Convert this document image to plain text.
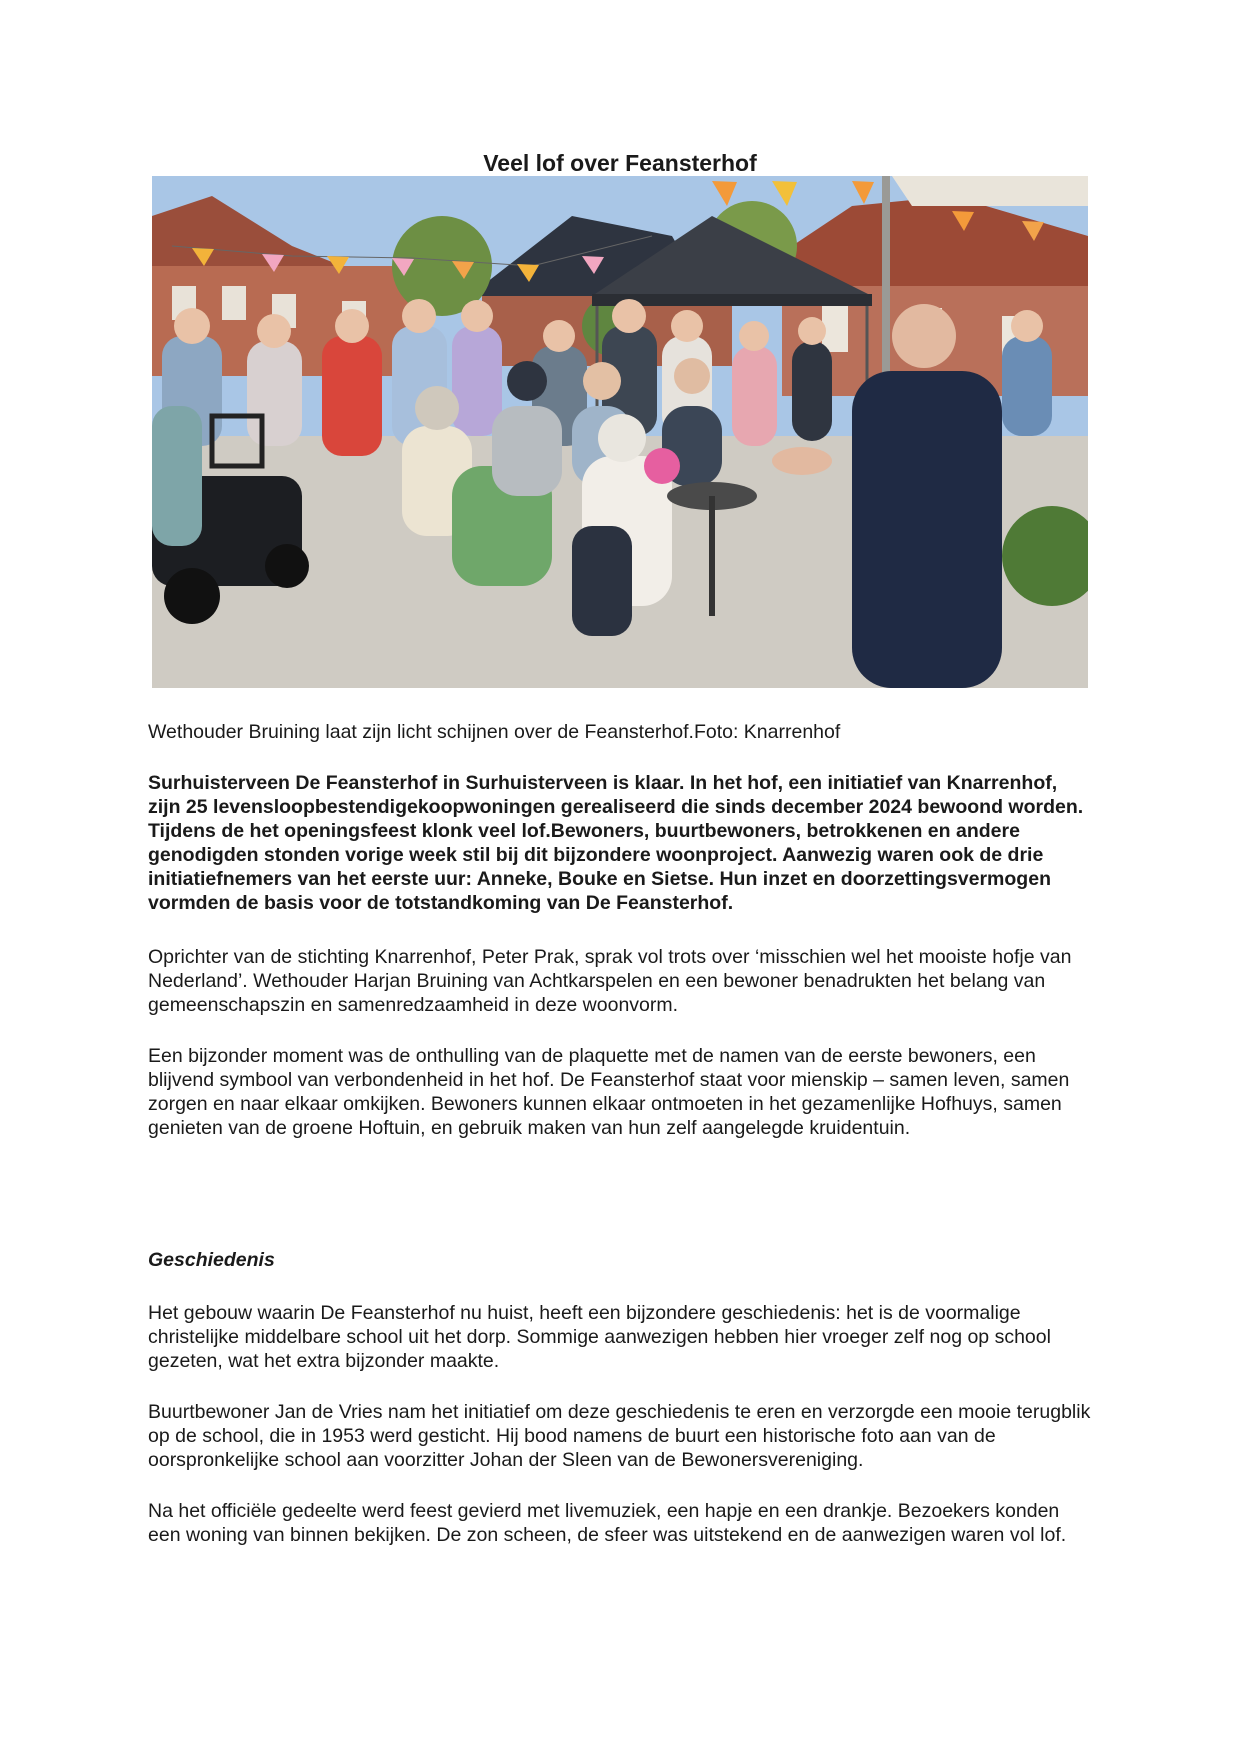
Veel lof over Feansterhof

Wethouder Bruining laat zijn licht schijnen over de Feansterhof.Foto: Knarrenhof

Surhuisterveen De Feansterhof in Surhuisterveen is klaar. In het hof, een initiatief van Knarrenhof, zijn 25 levensloopbestendigekoopwoningen gerealiseerd die sinds december 2024 bewoond worden. Tijdens de het openingsfeest klonk veel lof.Bewoners, buurtbewoners, betrokkenen en andere genodigden stonden vorige week stil bij dit bijzondere woonproject. Aanwezig waren ook de drie initiatiefnemers van het eerste uur: Anneke, Bouke en Sietse. Hun inzet en doorzettingsvermogen vormden de basis voor de totstandkoming van De Feansterhof.

Oprichter van de stichting Knarrenhof, Peter Prak, sprak vol trots over ‘misschien wel het mooiste hofje van Nederland’. Wethouder Harjan Bruining van Achtkarspelen en een bewoner benadrukten het belang van gemeenschapszin en samenredzaamheid in deze woonvorm.

Een bijzonder moment was de onthulling van de plaquette met de namen van de eerste bewoners, een blijvend symbool van verbondenheid in het hof. De Feansterhof staat voor mienskip – samen leven, samen zorgen en naar elkaar omkijken. Bewoners kunnen elkaar ontmoeten in het gezamenlijke Hofhuys, samen genieten van de groene Hoftuin, en gebruik maken van hun zelf aangelegde kruidentuin.

Geschiedenis

Het gebouw waarin De Feansterhof nu huist, heeft een bijzondere geschiedenis: het is de voormalige christelijke middelbare school uit het dorp. Sommige aanwezigen hebben hier vroeger zelf nog op school gezeten, wat het extra bijzonder maakte.

Buurtbewoner Jan de Vries nam het initiatief om deze geschiedenis te eren en verzorgde een mooie terugblik op de school, die in 1953 werd gesticht. Hij bood namens de buurt een historische foto aan van de oorspronkelijke school aan voorzitter Johan der Sleen van de Bewonersvereniging.

Na het officiële gedeelte werd feest gevierd met livemuziek, een hapje en een drankje. Bezoekers konden een woning van binnen bekijken. De zon scheen, de sfeer was uitstekend en de aanwezigen waren vol lof.
